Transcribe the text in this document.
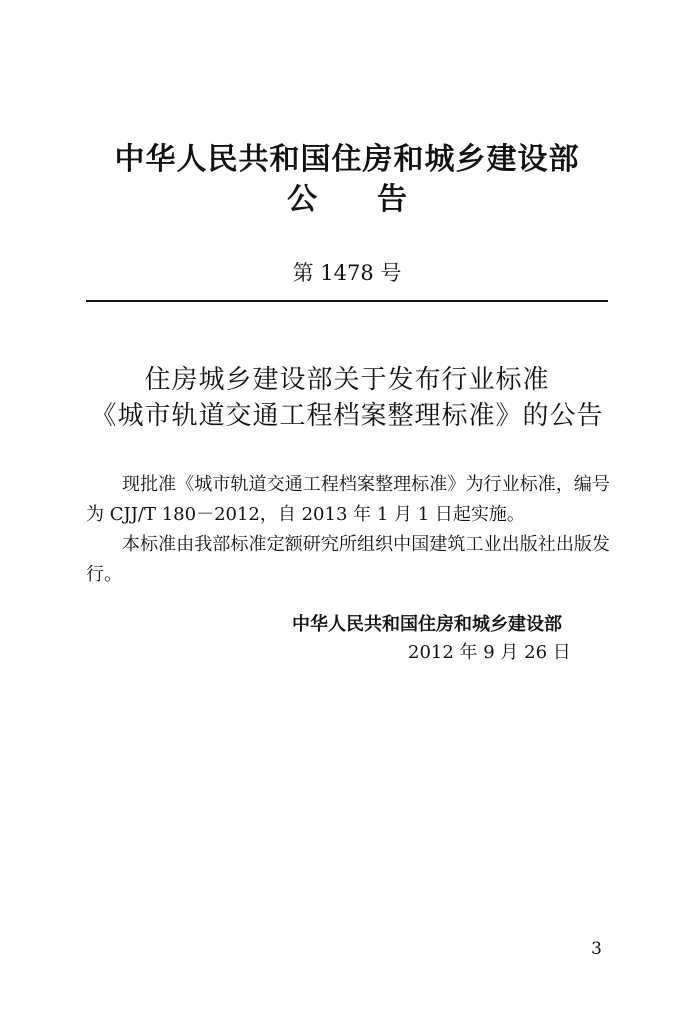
中华人民共和国住房和城乡建设部
公　　告
第 1478 号
住房城乡建设部关于发布行业标准
《城市轨道交通工程档案整理标准》的公告
现批准《城市轨道交通工程档案整理标准》为行业标准，编号为 CJJ/T 180－2012，自 2013 年 1 月 1 日起实施。
本标准由我部标准定额研究所组织中国建筑工业出版社出版发行。
中华人民共和国住房和城乡建设部
2012 年 9 月 26 日
3
